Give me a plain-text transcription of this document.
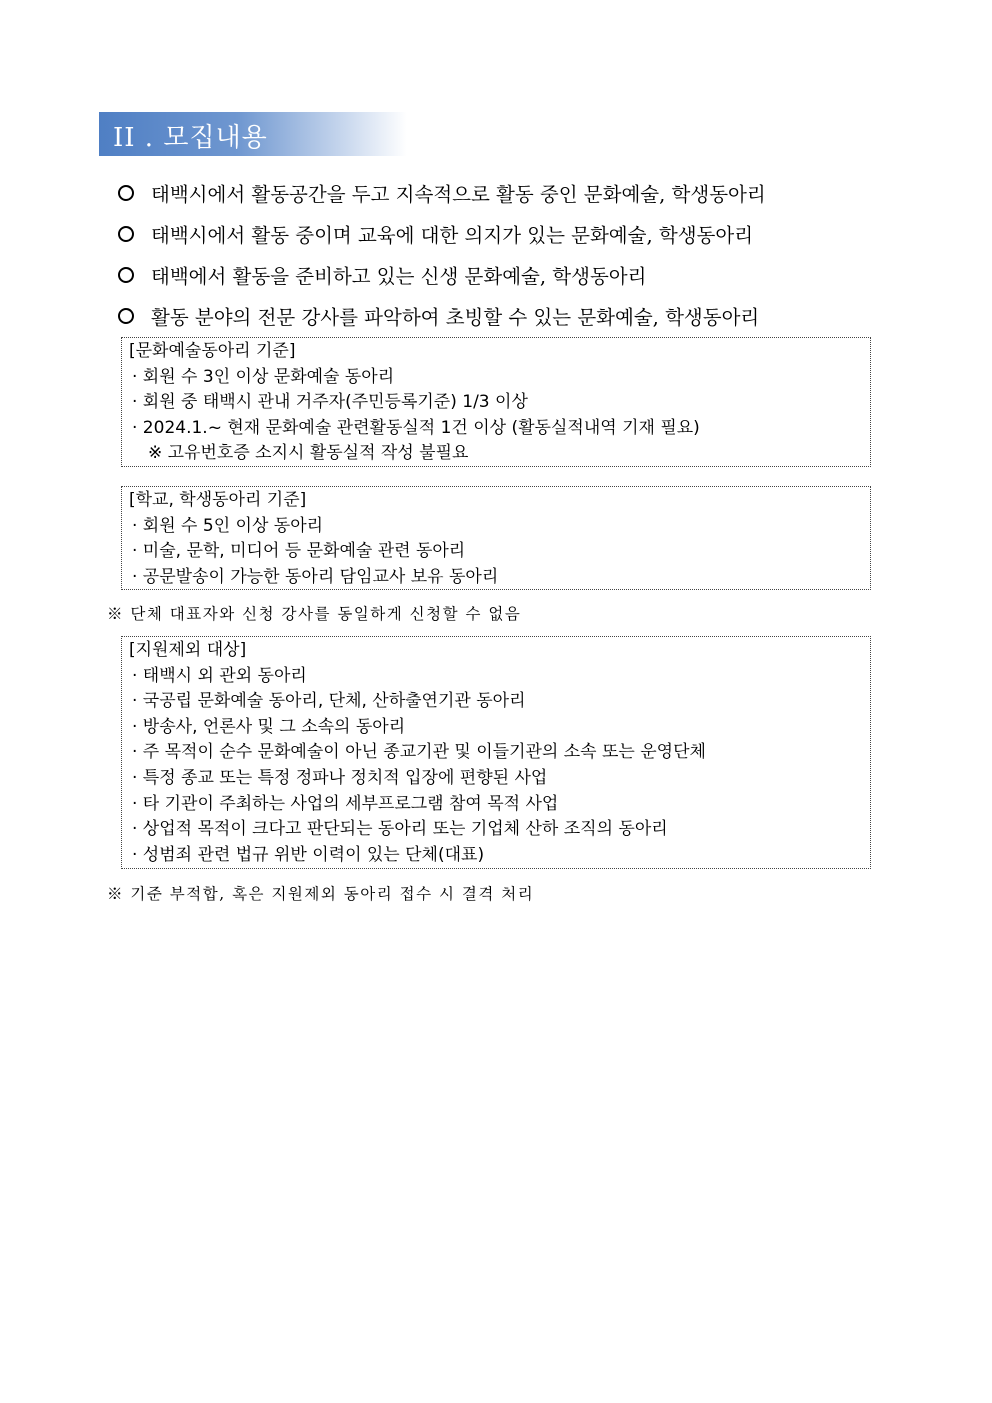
II . 모집내용
태백시에서 활동공간을 두고 지속적으로 활동 중인 문화예술, 학생동아리
태백시에서 활동 중이며 교육에 대한 의지가 있는 문화예술, 학생동아리
태백에서 활동을 준비하고 있는 신생 문화예술, 학생동아리
활동 분야의 전문 강사를 파악하여 초빙할 수 있는 문화예술, 학생동아리
[문화예술동아리 기준]
· 회원 수 3인 이상 문화예술 동아리
· 회원 중 태백시 관내 거주자(주민등록기준) 1/3 이상
· 2024.1.~ 현재 문화예술 관련활동실적 1건 이상 (활동실적내역 기재 필요)
※ 고유번호증 소지시 활동실적 작성 불필요
[학교, 학생동아리 기준]
· 회원 수 5인 이상 동아리
· 미술, 문학, 미디어 등 문화예술 관련 동아리
· 공문발송이 가능한 동아리 담임교사 보유 동아리
※ 단체 대표자와 신청 강사를 동일하게 신청할 수 없음
[지원제외 대상]
· 태백시 외 관외 동아리
· 국공립 문화예술 동아리, 단체, 산하출연기관 동아리
· 방송사, 언론사 및 그 소속의 동아리
· 주 목적이 순수 문화예술이 아닌 종교기관 및 이들기관의 소속 또는 운영단체
· 특정 종교 또는 특정 정파나 정치적 입장에 편향된 사업
· 타 기관이 주최하는 사업의 세부프로그램 참여 목적 사업
· 상업적 목적이 크다고 판단되는 동아리 또는 기업체 산하 조직의 동아리
· 성범죄 관련 법규 위반 이력이 있는 단체(대표)
※ 기준 부적합, 혹은 지원제외 동아리 접수 시 결격 처리
